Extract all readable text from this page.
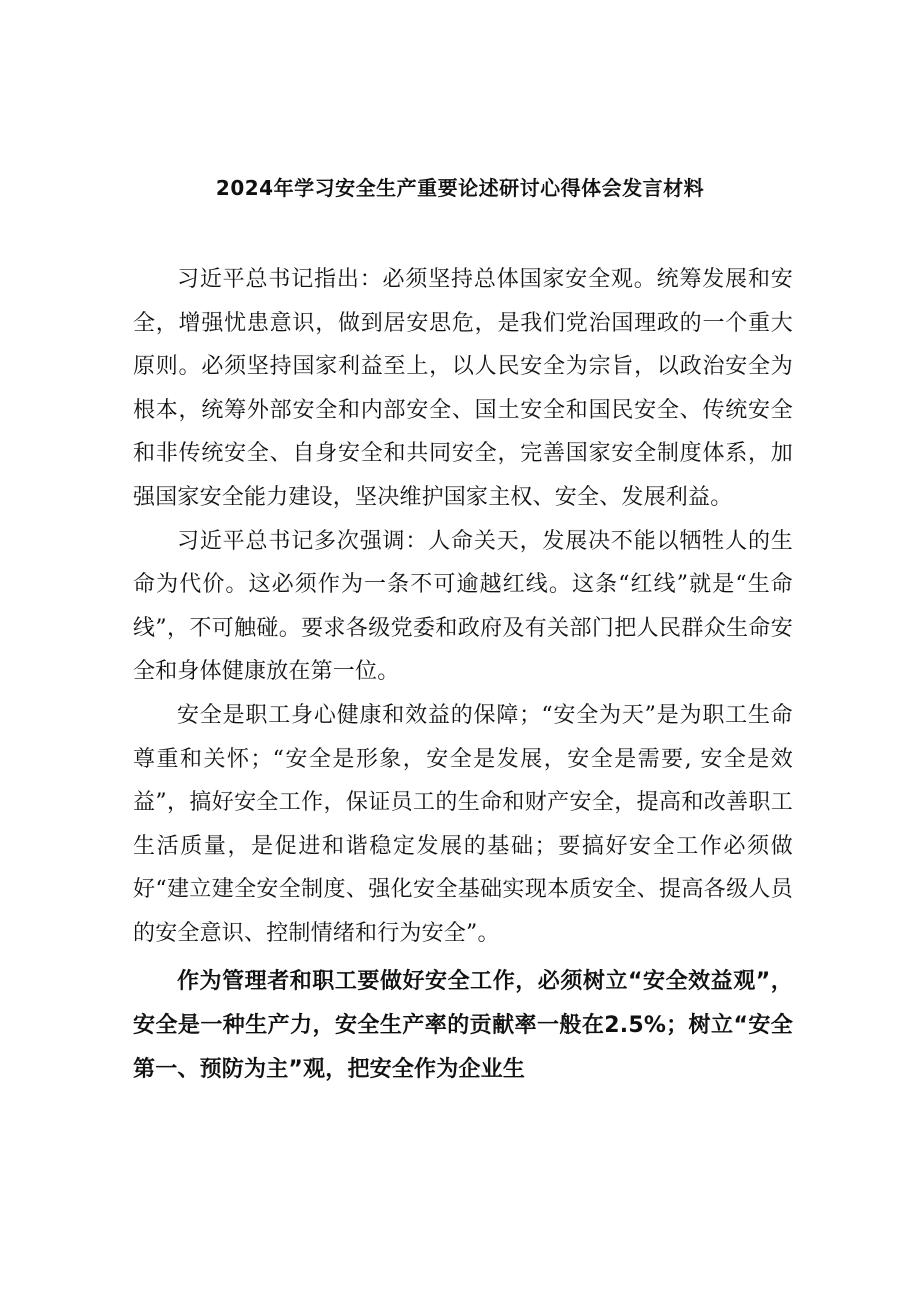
2024年学习安全生产重要论述研讨心得体会发言材料

习近平总书记指出：必须坚持总体国家安全观。统筹发展和安全，增强忧患意识，做到居安思危，是我们党治国理政的一个重大原则。必须坚持国家利益至上，以人民安全为宗旨，以政治安全为根本，统筹外部安全和内部安全、国土安全和国民安全、传统安全和非传统安全、自身安全和共同安全，完善国家安全制度体系，加强国家安全能力建设，坚决维护国家主权、安全、发展利益。

习近平总书记多次强调：人命关天，发展决不能以牺牲人的生命为代价。这必须作为一条不可逾越红线。这条“红线”就是“生命线”，不可触碰。要求各级党委和政府及有关部门把人民群众生命安全和身体健康放在第一位。

安全是职工身心健康和效益的保障；“安全为天”是为职工生命尊重和关怀；“安全是形象，安全是发展，安全是需要, 安全是效益”，搞好安全工作，保证员工的生命和财产安全，提高和改善职工生活质量，是促进和谐稳定发展的基础；要搞好安全工作必须做好“建立建全安全制度、强化安全基础实现本质安全、提高各级人员的安全意识、控制情绪和行为安全”。

作为管理者和职工要做好安全工作，必须树立“安全效益观”，安全是一种生产力，安全生产率的贡献率一般在2.5%；树立“安全第一、预防为主”观，把安全作为企业生
